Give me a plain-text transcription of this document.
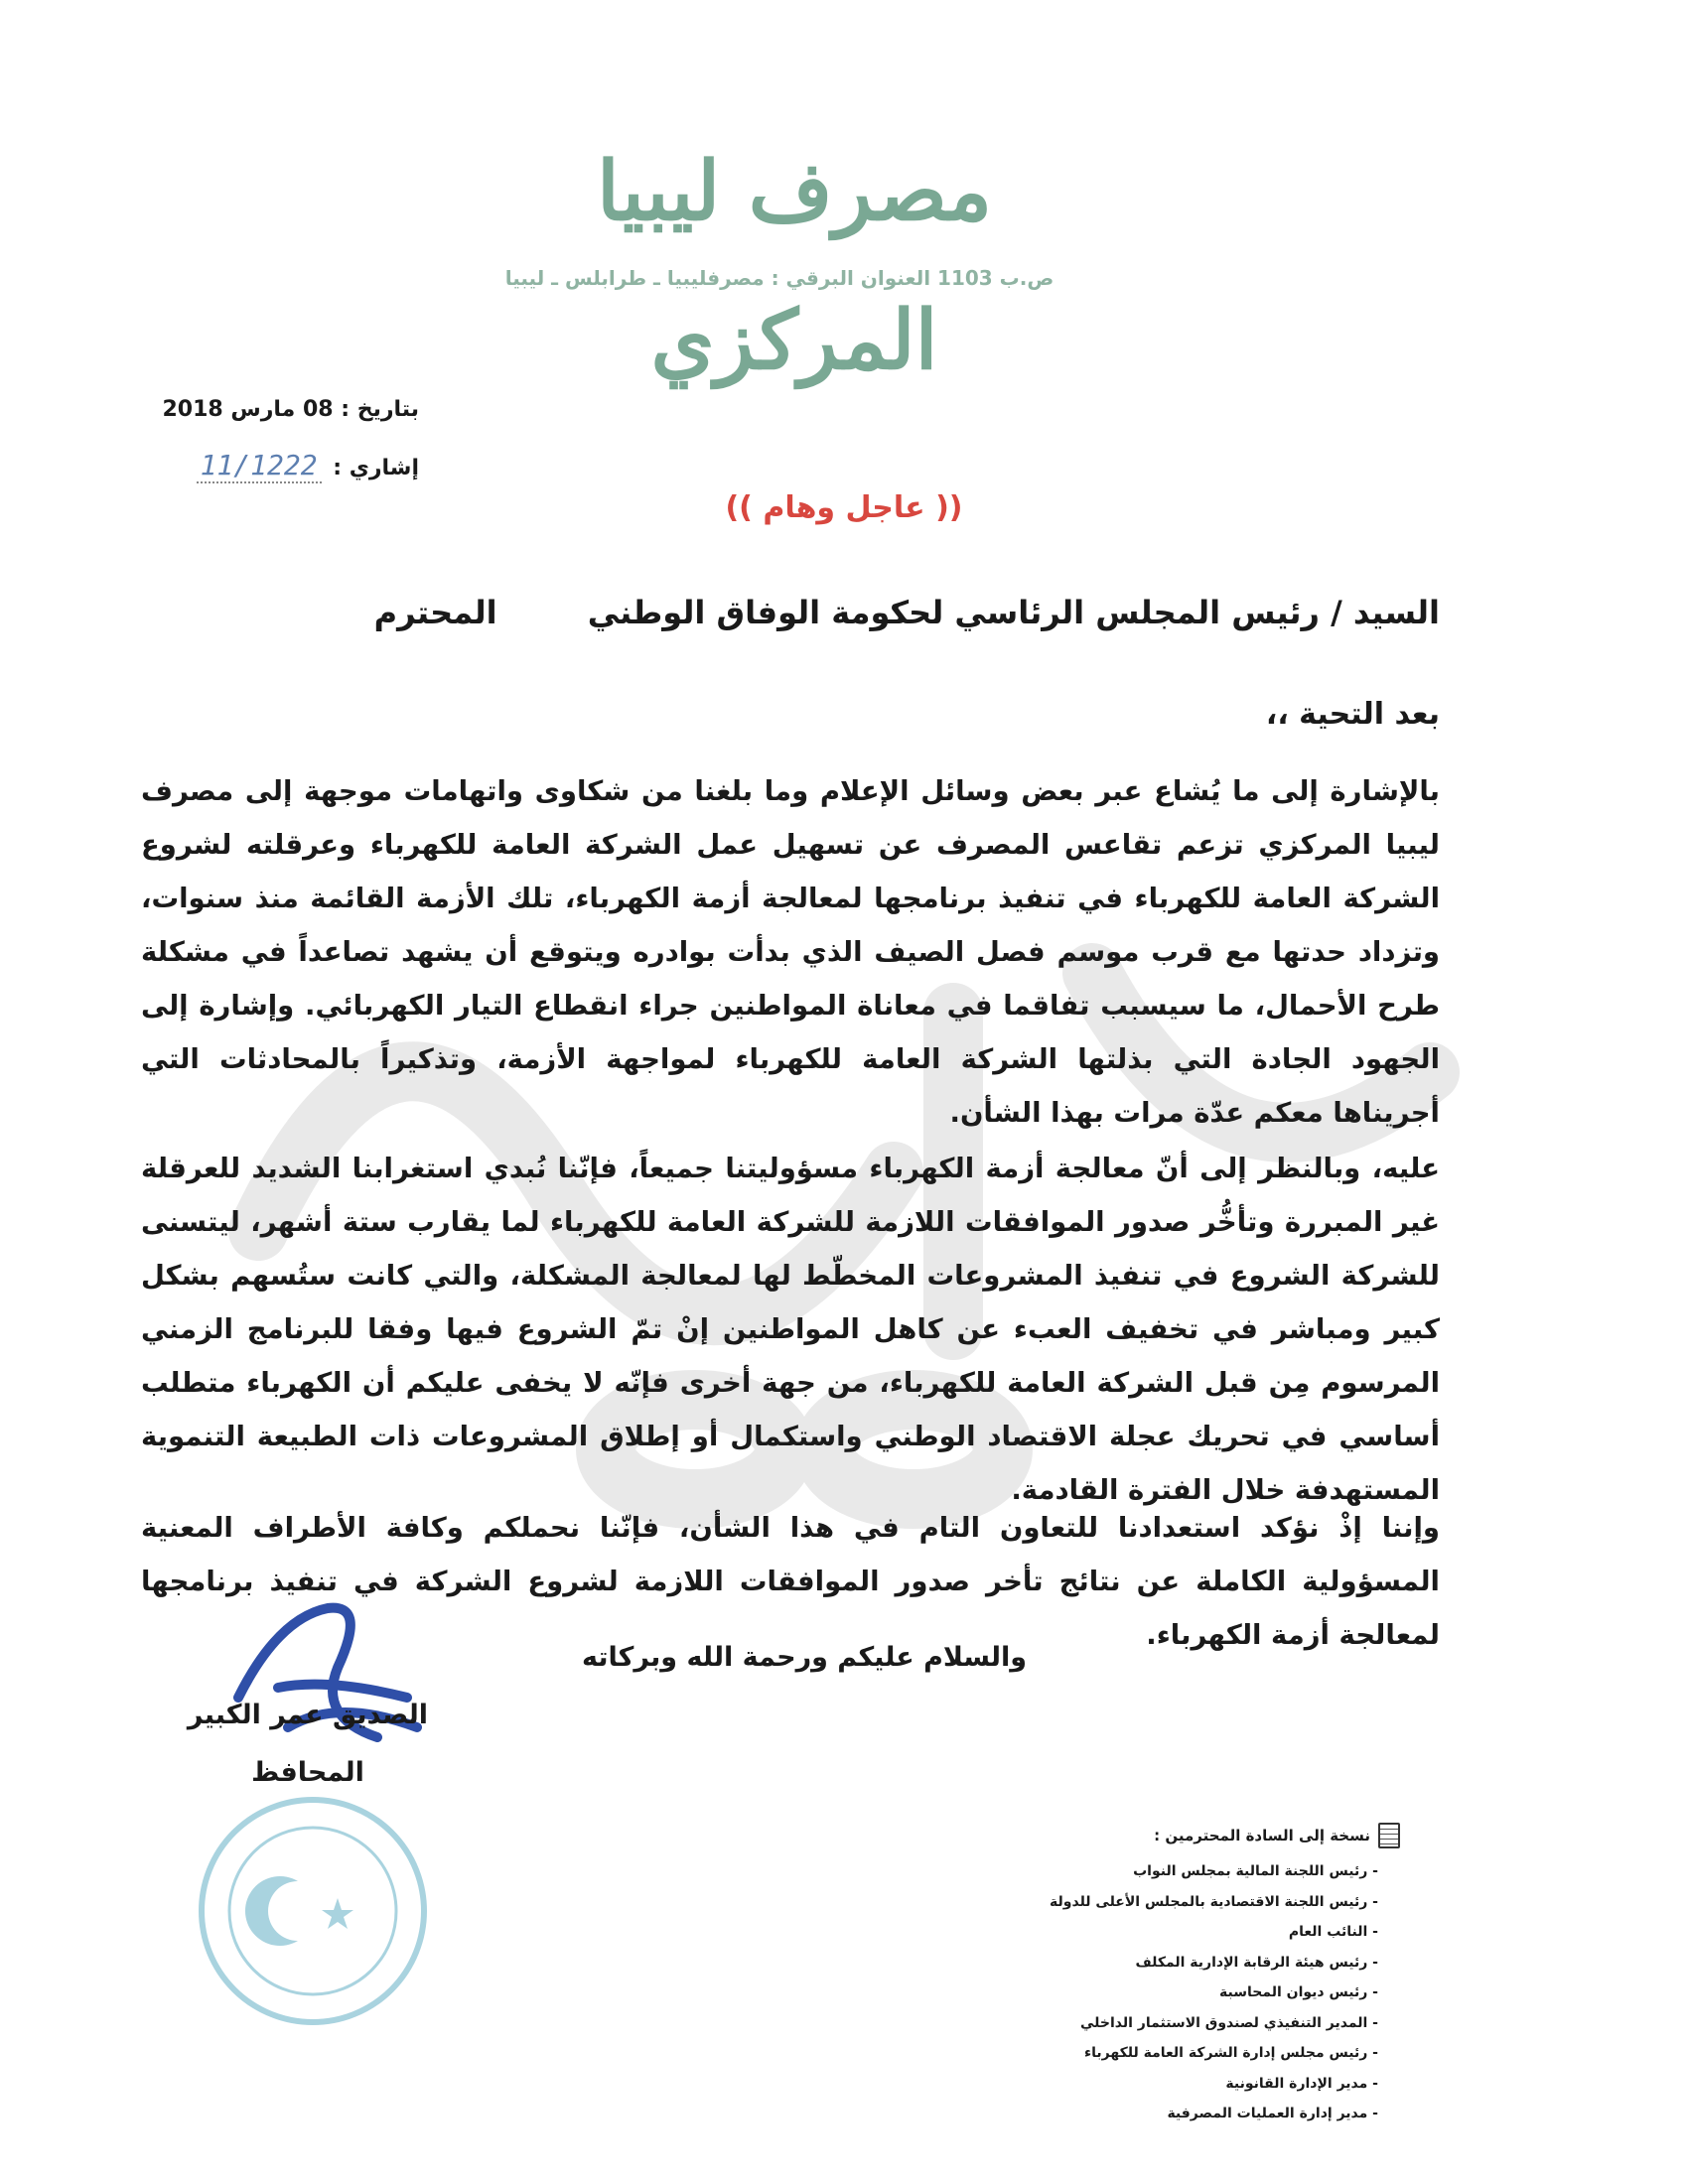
مصرف ليبيا المركزي
ص.ب 1103 العنوان البرقي : مصرفليبيا ـ طرابلس ـ ليبيا
بتاريخ : 08 مارس 2018
إشاري : 11/1222
(( عاجل وهام ))
السيد / رئيس المجلس الرئاسي لحكومة الوفاق الوطني المحترم
بعد التحية ،،
بالإشارة إلى ما يُشاع عبر بعض وسائل الإعلام وما بلغنا من شكاوى واتهامات موجهة إلى مصرف ليبيا المركزي تزعم تقاعس المصرف عن تسهيل عمل الشركة العامة للكهرباء وعرقلته لشروع الشركة العامة للكهرباء في تنفيذ برنامجها لمعالجة أزمة الكهرباء، تلك الأزمة القائمة منذ سنوات، وتزداد حدتها مع قرب موسم فصل الصيف الذي بدأت بوادره ويتوقع أن يشهد تصاعداً في مشكلة طرح الأحمال، ما سيسبب تفاقما في معاناة المواطنين جراء انقطاع التيار الكهربائي. وإشارة إلى الجهود الجادة التي بذلتها الشركة العامة للكهرباء لمواجهة الأزمة، وتذكيراً بالمحادثات التي أجريناها معكم عدّة مرات بهذا الشأن.
عليه، وبالنظر إلى أنّ معالجة أزمة الكهرباء مسؤوليتنا جميعاً، فإنّنا نُبدي استغرابنا الشديد للعرقلة غير المبررة وتأخُّر صدور الموافقات اللازمة للشركة العامة للكهرباء لما يقارب ستة أشهر، ليتسنى للشركة الشروع في تنفيذ المشروعات المخطّط لها لمعالجة المشكلة، والتي كانت ستُسهم بشكل كبير ومباشر في تخفيف العبء عن كاهل المواطنين إنْ تمّ الشروع فيها وفقا للبرنامج الزمني المرسوم مِن قبل الشركة العامة للكهرباء، من جهة أخرى فإنّه لا يخفى عليكم أن الكهرباء متطلب أساسي في تحريك عجلة الاقتصاد الوطني واستكمال أو إطلاق المشروعات ذات الطبيعة التنموية المستهدفة خلال الفترة القادمة.
وإننا إذْ نؤكد استعدادنا للتعاون التام في هذا الشأن، فإنّنا نحملكم وكافة الأطراف المعنية المسؤولية الكاملة عن نتائج تأخر صدور الموافقات اللازمة لشروع الشركة في تنفيذ برنامجها لمعالجة أزمة الكهرباء.
والسلام عليكم ورحمة الله وبركاته
الصديق عمر الكبير
المحافظ
نسخة إلى السادة المحترمين :
- رئيس اللجنة المالية بمجلس النواب
- رئيس اللجنة الاقتصادية بالمجلس الأعلى للدولة
- النائب العام
- رئيس هيئة الرقابة الإدارية المكلف
- رئيس ديوان المحاسبة
- المدير التنفيذي لصندوق الاستثمار الداخلي
- رئيس مجلس إدارة الشركة العامة للكهرباء
- مدير الإدارة القانونية
- مدير إدارة العمليات المصرفية
